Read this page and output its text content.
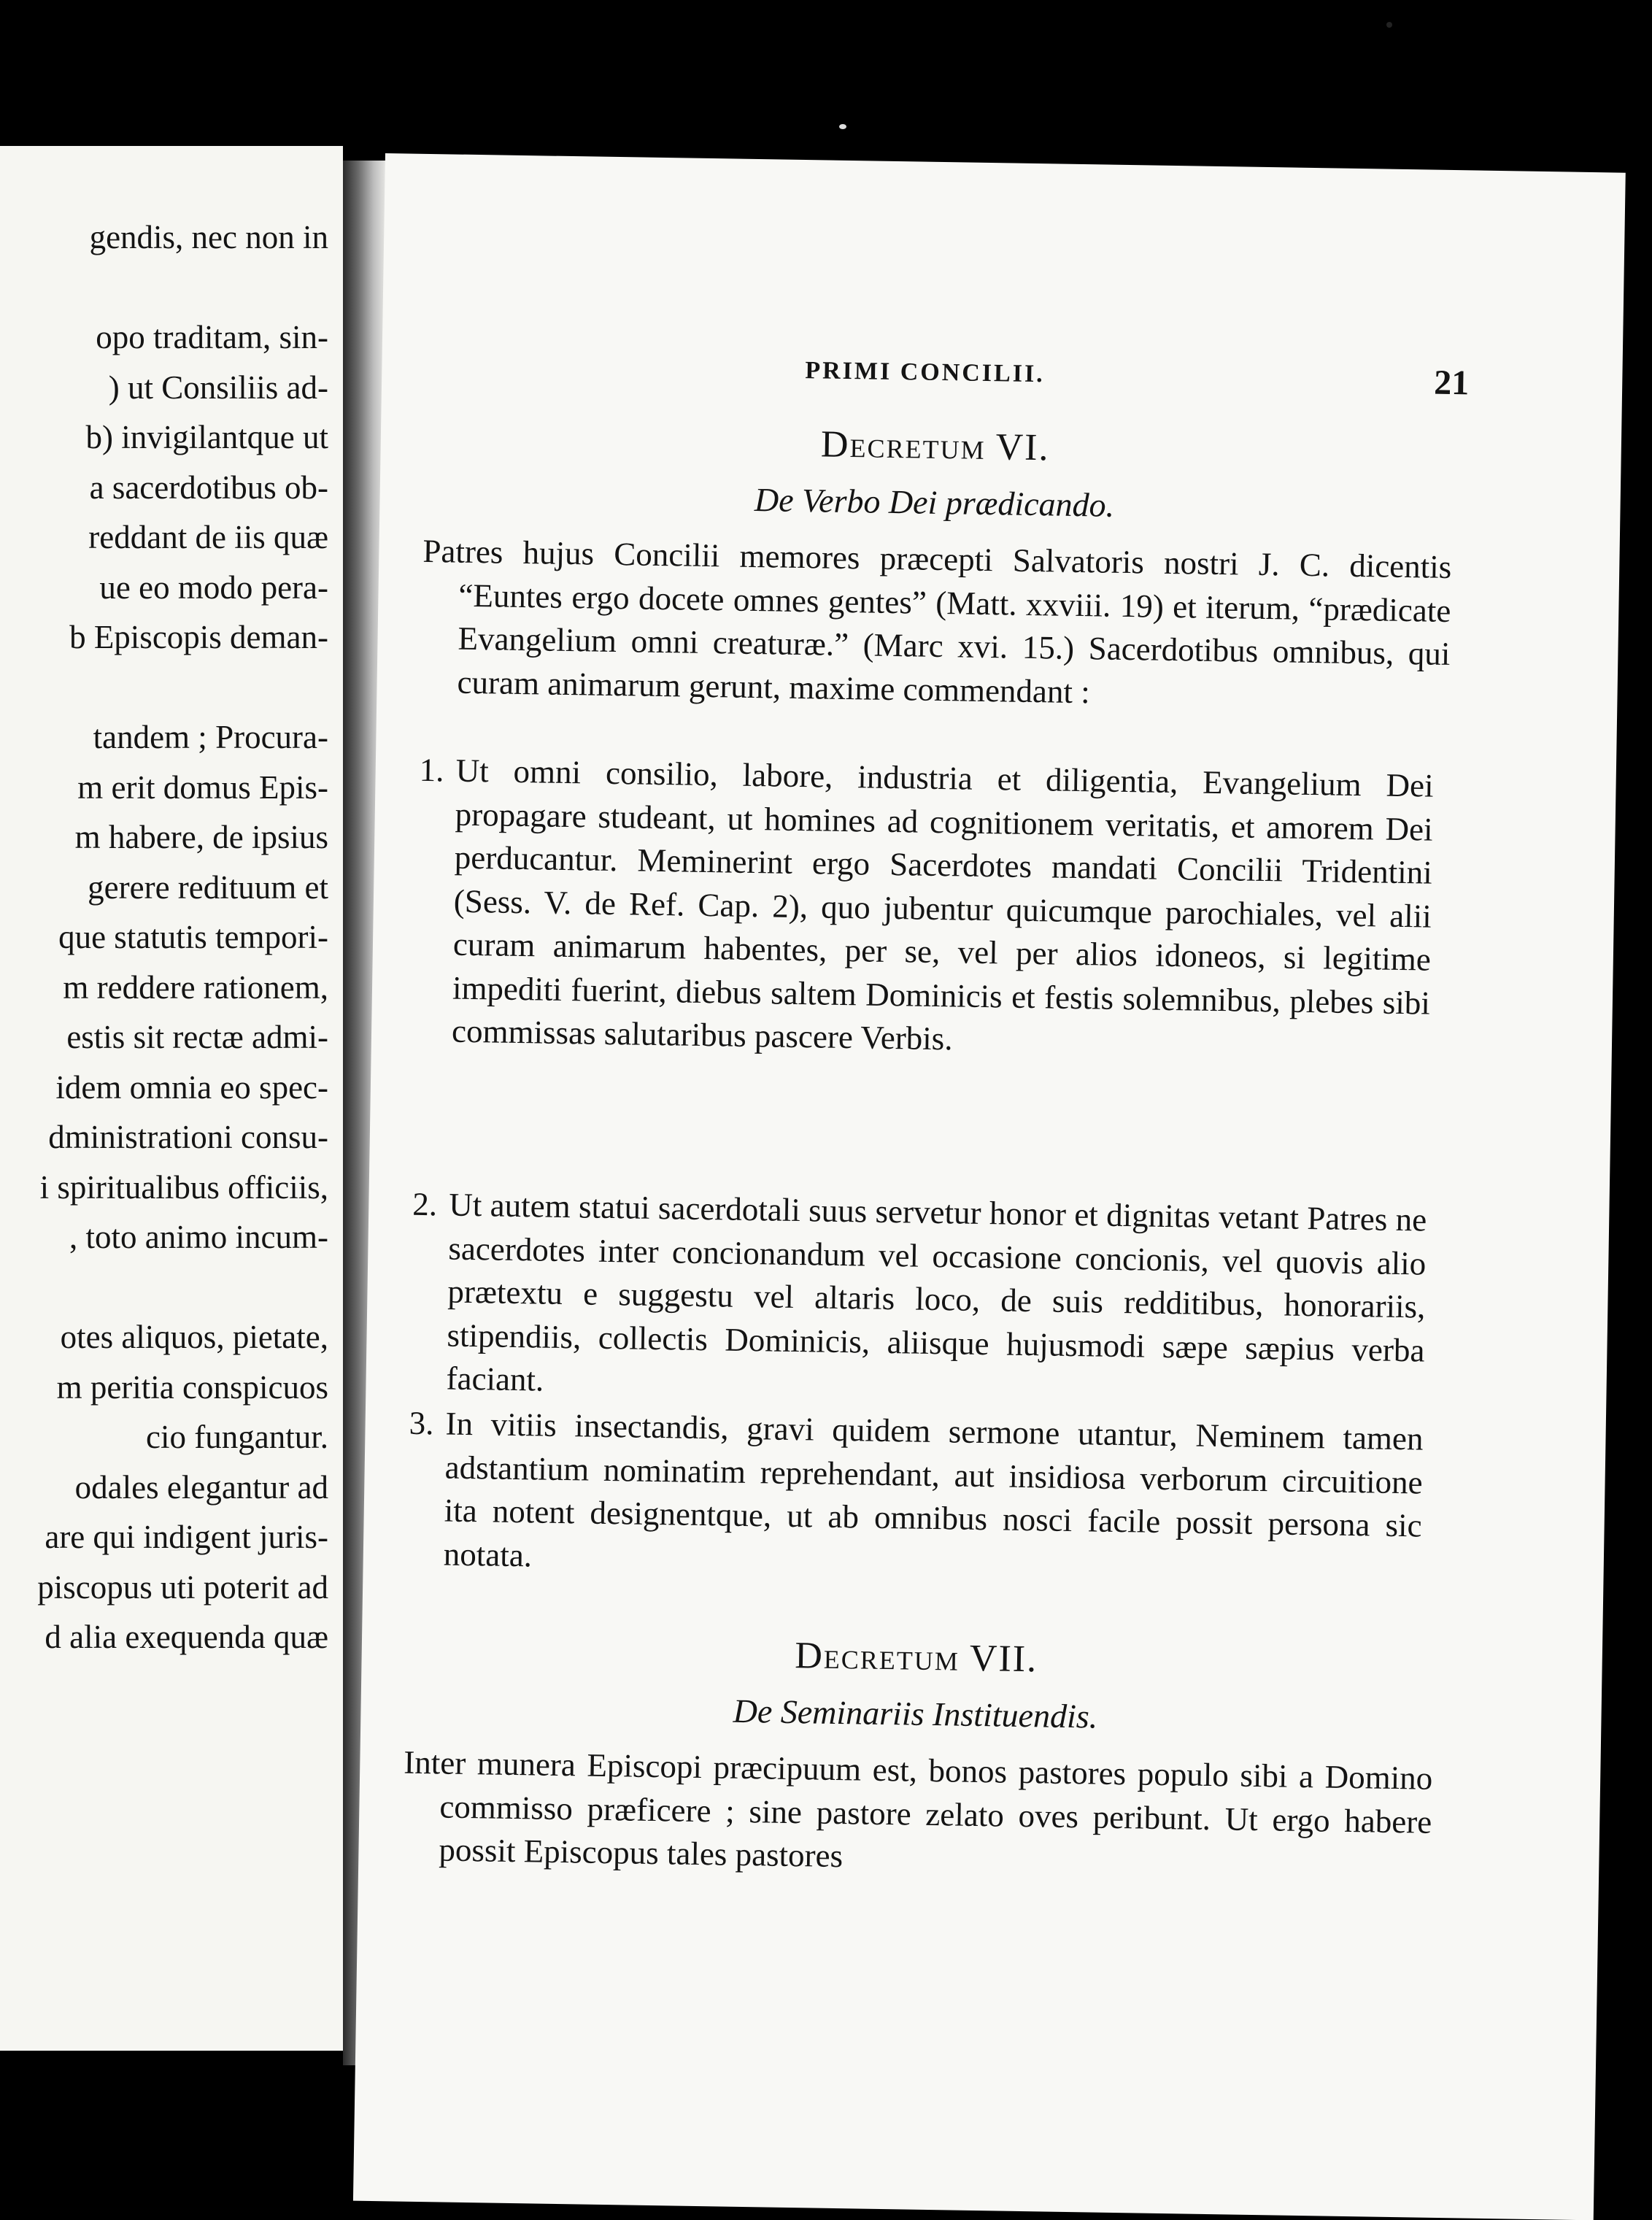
gendis, nec non in
opo traditam, sin-
) ut Consiliis ad-
b) invigilantque ut
a sacerdotibus ob-
reddant de iis quæ
ue eo modo pera-
b Episcopis deman-
tandem ; Procura-
m erit domus Epis-
m habere, de ipsius
gerere redituum et
que statutis tempori-
m reddere rationem,
estis sit rectæ admi-
idem omnia eo spec-
dministrationi consu-
i spiritualibus officiis,
, toto animo incum-
otes aliquos, pietate,
m peritia conspicuos
cio fungantur.
odales elegantur ad
are qui indigent juris-
piscopus uti poterit ad
d alia exequenda quæ
PRIMI CONCILII.	21
Decretum VI.
De Verbo Dei prædicando.
Patres hujus Concilii memores præcepti Salvatoris nostri J. C. dicentis “Euntes ergo docete omnes gentes” (Matt. xxviii. 19) et iterum, “prædicate Evangelium omni creaturæ.” (Marc xvi. 15.) Sacerdotibus omnibus, qui curam animarum gerunt, maxime commendant :
1. Ut omni consilio, labore, industria et diligentia, Evangelium Dei propagare studeant, ut homines ad cognitionem veritatis, et amorem Dei perducantur. Meminerint ergo Sacerdotes mandati Concilii Tridentini (Sess. V. de Ref. Cap. 2), quo jubentur quicumque parochiales, vel alii curam animarum habentes, per se, vel per alios idoneos, si legitime impediti fuerint, diebus saltem Dominicis et festis solemnibus, plebes sibi commissas salutaribus pascere Verbis.
2. Ut autem statui sacerdotali suus servetur honor et dignitas vetant Patres ne sacerdotes inter concionandum vel occasione concionis, vel quovis alio prætextu e suggestu vel altaris loco, de suis redditibus, honorariis, stipendiis, collectis Dominicis, aliisque hujusmodi sæpe sæpius verba faciant.
3. In vitiis insectandis, gravi quidem sermone utantur, Neminem tamen adstantium nominatim reprehendant, aut insidiosa verborum circuitione ita notent designentque, ut ab omnibus nosci facile possit persona sic notata.
Decretum VII.
De Seminariis Instituendis.
Inter munera Episcopi præcipuum est, bonos pastores populo sibi a Domino commisso præficere ; sine pastore zelato oves peribunt. Ut ergo habere possit Episcopus tales pastores
